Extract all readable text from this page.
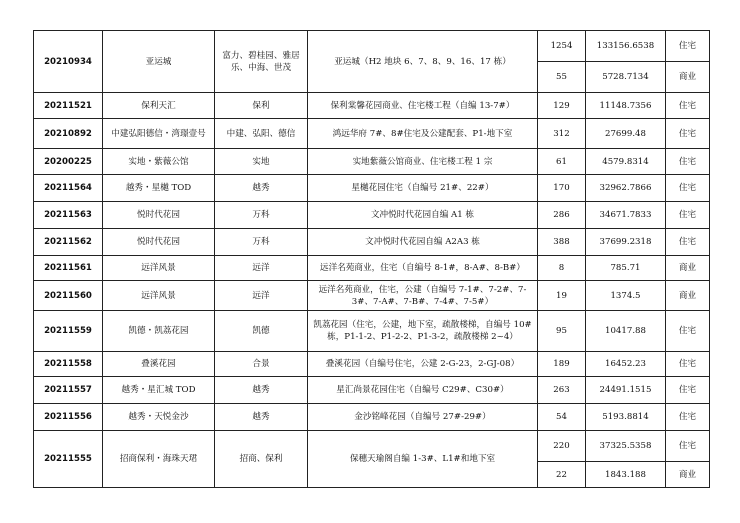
20210934	亚运城	富力、碧桂园、雅居乐、中海、世茂	亚运城（H2 地块 6、7、8、9、16、17 栋）	1254	133156.6538	住宅
				55	5728.7134	商业
20211521	保利天汇	保利	保利棠馨花园商业、住宅楼工程（自编 13-7#）	129	11148.7356	住宅
20210892	中建弘阳德信・湾璟壹号	中建、弘阳、德信	鸿远华府 7#、8#住宅及公建配套、P1-地下室	312	27699.48	住宅
20200225	实地・紫薇公馆	实地	实地紫薇公馆商业、住宅楼工程 1 宗	61	4579.8314	住宅
20211564	越秀・星樾 TOD	越秀	星樾花园住宅（自编号 21#、22#）	170	32962.7866	住宅
20211563	悦时代花园	万科	文冲悦时代花园自编 A1 栋	286	34671.7833	住宅
20211562	悦时代花园	万科	文冲悦时代花园自编 A2A3 栋	388	37699.2318	住宅
20211561	远洋风景	远洋	远洋名苑商业，住宅（自编号 8-1#，8-A#、8-B#）	8	785.71	商业
20211560	远洋风景	远洋	远洋名苑商业，住宅，公建（自编号 7-1#、7-2#、7-3#、7-A#、7-B#、7-4#、7-5#）	19	1374.5	商业
20211559	凯德・凯荔花园	凯德	凯荔花园（住宅，公建，地下室，疏散楼梯，自编号 10#栋，P1-1-2、P1-2-2、P1-3-2，疏散楼梯 2~4）	95	10417.88	住宅
20211558	叠溪花园	合景	叠溪花园（自编号住宅，公建 2-G-23，2-GJ-08）	189	16452.23	住宅
20211557	越秀・星汇城 TOD	越秀	星汇尚景花园住宅（自编号 C29#、C30#）	263	24491.1515	住宅
20211556	越秀・天悦金沙	越秀	金沙铭峰花园（自编号 27#-29#）	54	5193.8814	住宅
20211555	招商保利・海珠天珺	招商、保利	保穗天瑜阁自编 1-3#、L1#和地下室	220	37325.5358	住宅
				22	1843.188	商业
